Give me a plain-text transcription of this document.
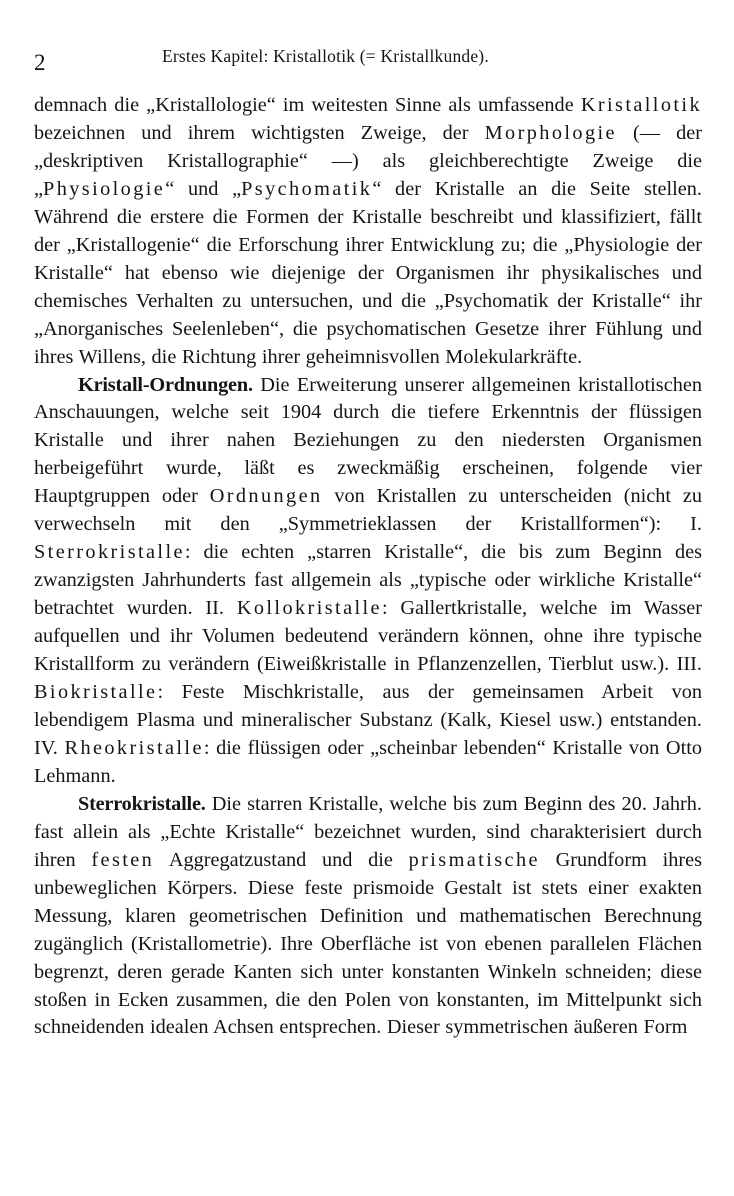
2	Erstes Kapitel: Kristallotik (= Kristallkunde).

demnach die „Kristallologie“ im weitesten Sinne als umfassende Kristallotik bezeichnen und ihrem wichtigsten Zweige, der Morphologie (— der „deskriptiven Kristallographie“ —) als gleichberechtigte Zweige die „Physiologie“ und „Psychomatik“ der Kristalle an die Seite stellen. Während die erstere die Formen der Kristalle beschreibt und klassifiziert, fällt der „Kristallogenie“ die Erforschung ihrer Entwicklung zu; die „Physiologie der Kristalle“ hat ebenso wie diejenige der Organismen ihr physikalisches und chemisches Verhalten zu untersuchen, und die „Psychomatik der Kristalle“ ihr „Anorganisches Seelenleben“, die psychomatischen Gesetze ihrer Fühlung und ihres Willens, die Richtung ihrer geheimnisvollen Molekularkräfte.

Kristall-Ordnungen. Die Erweiterung unserer allgemeinen kristallotischen Anschauungen, welche seit 1904 durch die tiefere Erkenntnis der flüssigen Kristalle und ihrer nahen Beziehungen zu den niedersten Organismen herbeigeführt wurde, läßt es zweckmäßig erscheinen, folgende vier Hauptgruppen oder Ordnungen von Kristallen zu unterscheiden (nicht zu verwechseln mit den „Symmetrieklassen der Kristallformen“): I. Sterrokristalle: die echten „starren Kristalle“, die bis zum Beginn des zwanzigsten Jahrhunderts fast allgemein als „typische oder wirkliche Kristalle“ betrachtet wurden. II. Kollokristalle: Gallertkristalle, welche im Wasser aufquellen und ihr Volumen bedeutend verändern können, ohne ihre typische Kristallform zu verändern (Eiweißkristalle in Pflanzenzellen, Tierblut usw.). III. Biokristalle: Feste Mischkristalle, aus der gemeinsamen Arbeit von lebendigem Plasma und mineralischer Substanz (Kalk, Kiesel usw.) entstanden. IV. Rheokristalle: die flüssigen oder „scheinbar lebenden“ Kristalle von Otto Lehmann.

Sterrokristalle. Die starren Kristalle, welche bis zum Beginn des 20. Jahrh. fast allein als „Echte Kristalle“ bezeichnet wurden, sind charakterisiert durch ihren festen Aggregatzustand und die prismatische Grundform ihres unbeweglichen Körpers. Diese feste prismoide Gestalt ist stets einer exakten Messung, klaren geometrischen Definition und mathematischen Berechnung zugänglich (Kristallometrie). Ihre Oberfläche ist von ebenen parallelen Flächen begrenzt, deren gerade Kanten sich unter konstanten Winkeln schneiden; diese stoßen in Ecken zusammen, die den Polen von konstanten, im Mittelpunkt sich schneidenden idealen Achsen entsprechen. Dieser symmetrischen äußeren Form
